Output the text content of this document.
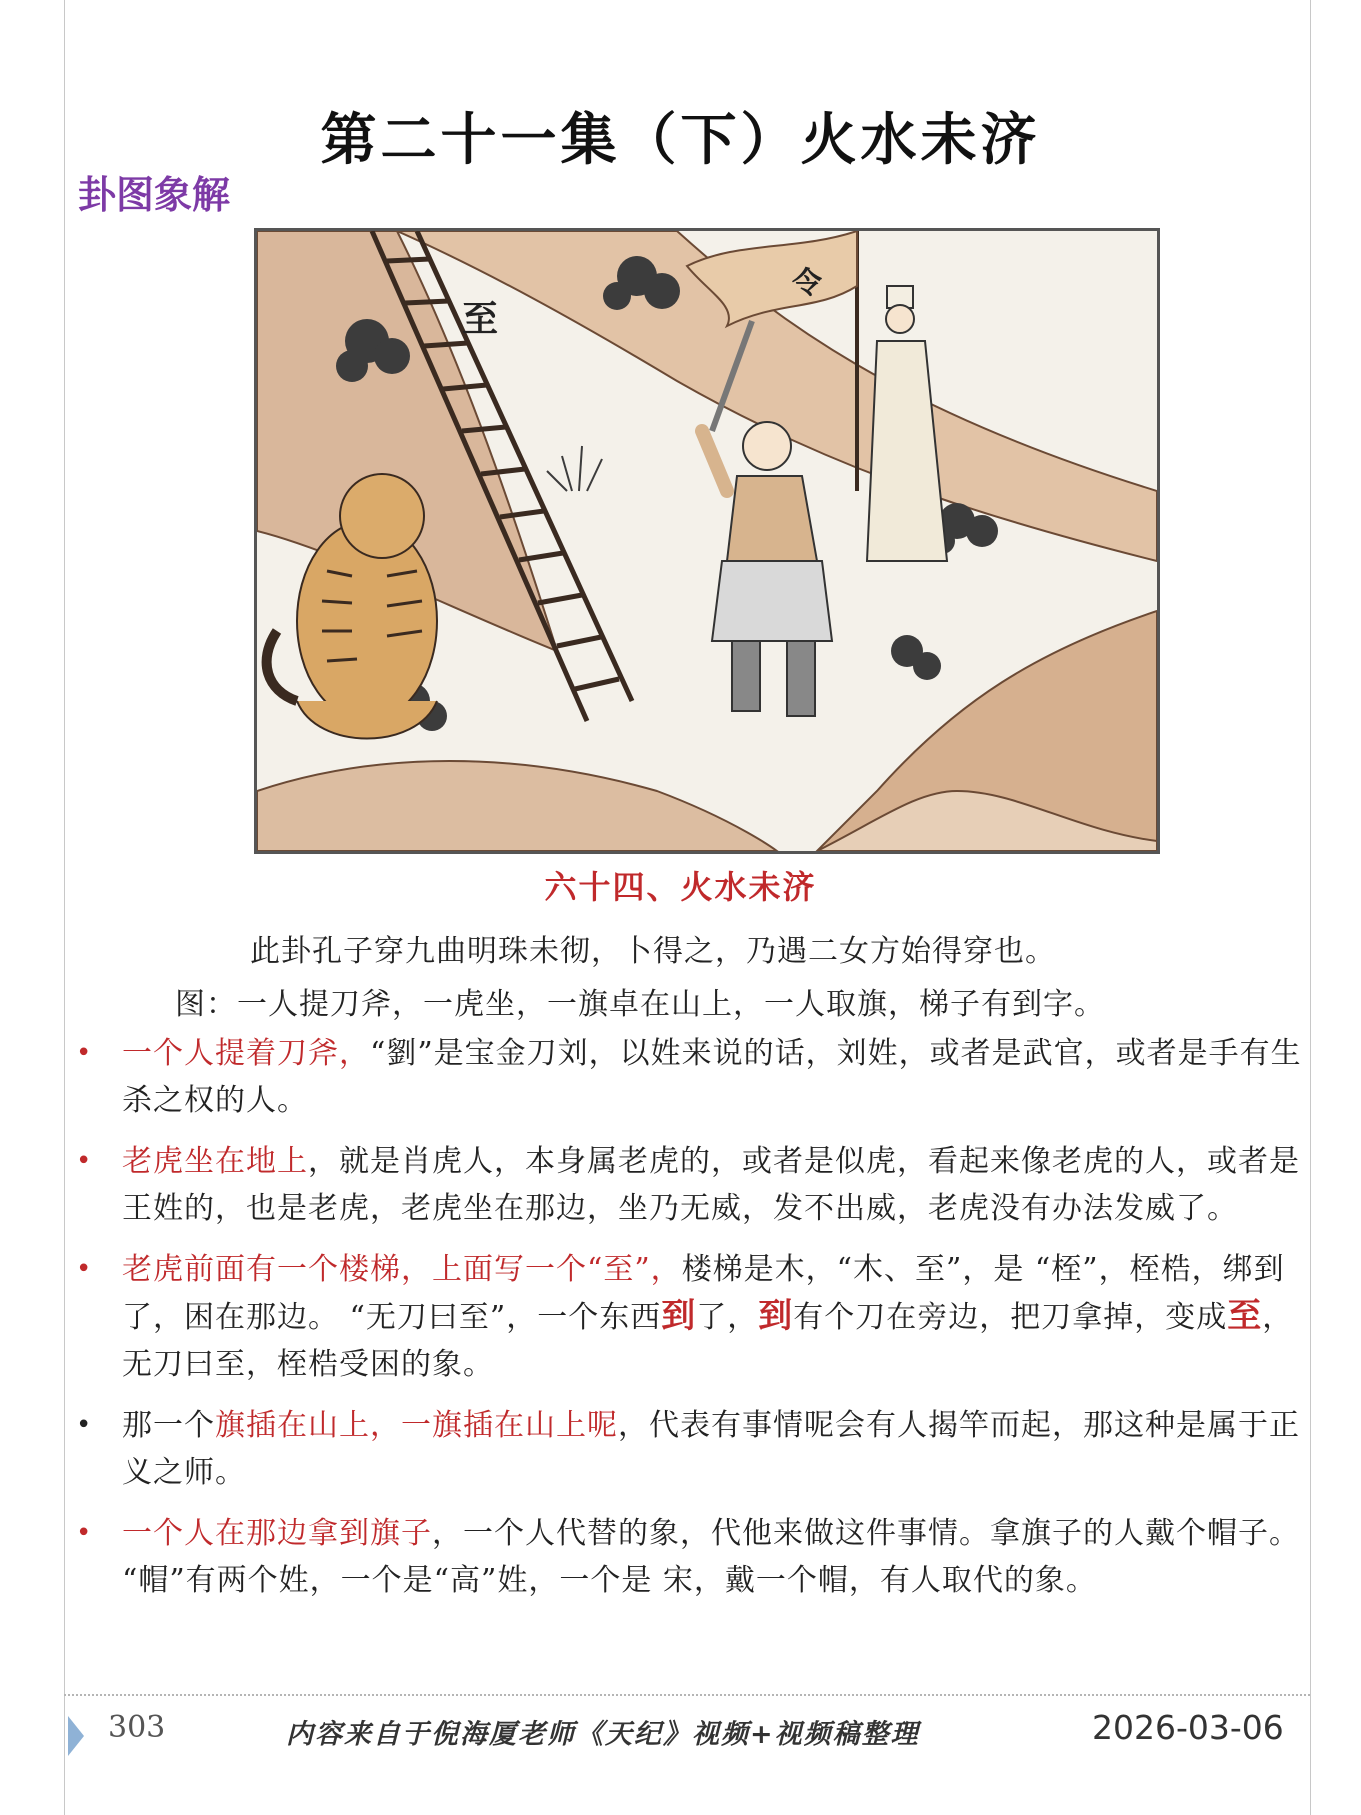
第二十一集（下）火水未济
卦图象解
至
令
六十四、火水未济
此卦孔子穿九曲明珠未彻，卜得之，乃遇二女方始得穿也。
图：一人提刀斧，一虎坐，一旗卓在山上，一人取旗，梯子有到字。
• 一个人提着刀斧，“劉”是宝金刀刘，以姓来说的话，刘姓，或者是武官，或者是手有生杀之权的人。
• 老虎坐在地上，就是肖虎人，本身属老虎的，或者是似虎，看起来像老虎的人，或者是王姓的，也是老虎，老虎坐在那边，坐乃无威，发不出威，老虎没有办法发威了。
• 老虎前面有一个楼梯，上面写一个“至”，楼梯是木，“木、至”，是 “桎”，桎梏，绑到了，困在那边。 “无刀曰至”，一个东西到了，到有个刀在旁边，把刀拿掉，变成至，无刀曰至，桎梏受困的象。
• 那一个旗插在山上，一旗插在山上呢，代表有事情呢会有人揭竿而起，那这种是属于正义之师。
• 一个人在那边拿到旗子，一个人代替的象，代他来做这件事情。拿旗子的人戴个帽子。 “帽”有两个姓，一个是“高”姓，一个是 宋，戴一个帽，有人取代的象。
303	内容来自于倪海厦老师《天纪》视频+视频稿整理	2026-03-06
